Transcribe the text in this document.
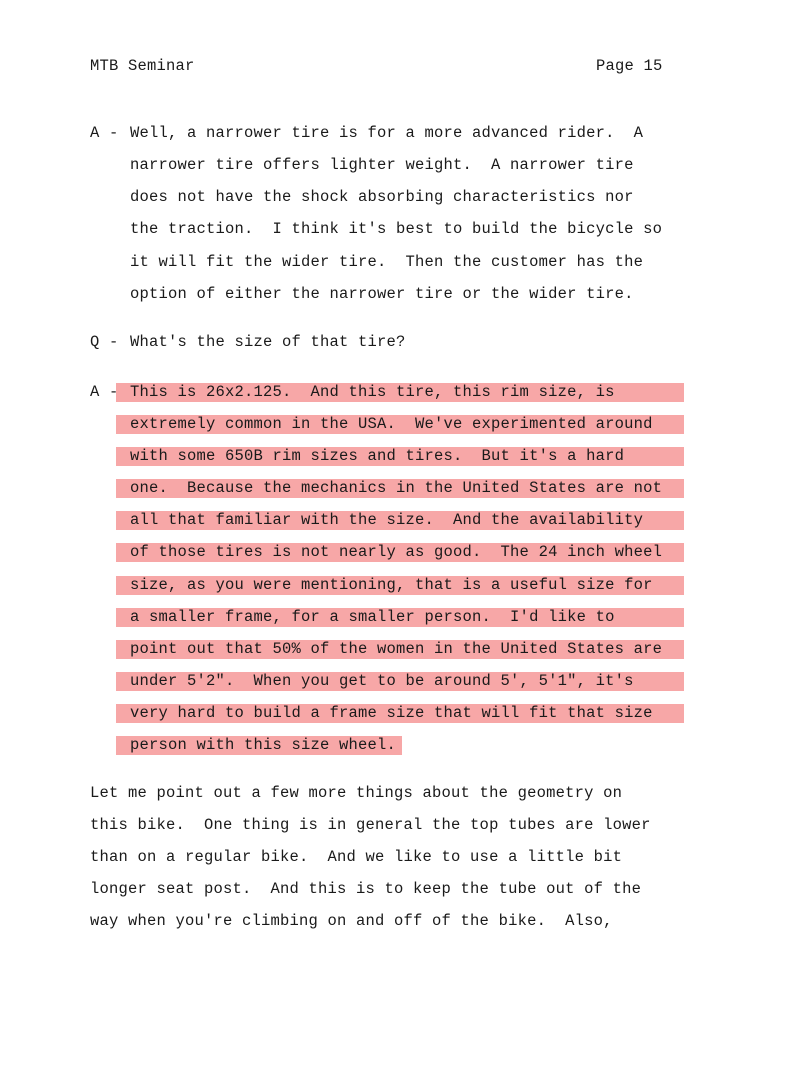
MTB Seminar	Page 15
A - Well, a narrower tire is for a more advanced rider.  A
narrower tire offers lighter weight.  A narrower tire
does not have the shock absorbing characteristics nor
the traction.  I think it's best to build the bicycle so
it will fit the wider tire.  Then the customer has the
option of either the narrower tire or the wider tire.
Q - What's the size of that tire?
A - This is 26x2.125.  And this tire, this rim size, is
extremely common in the USA.  We've experimented around
with some 650B rim sizes and tires.  But it's a hard
one.  Because the mechanics in the United States are not
all that familiar with the size.  And the availability
of those tires is not nearly as good.  The 24 inch wheel
size, as you were mentioning, that is a useful size for
a smaller frame, for a smaller person.  I'd like to
point out that 50% of the women in the United States are
under 5'2".  When you get to be around 5', 5'1", it's
very hard to build a frame size that will fit that size
person with this size wheel.
Let me point out a few more things about the geometry on
this bike.  One thing is in general the top tubes are lower
than on a regular bike.  And we like to use a little bit
longer seat post.  And this is to keep the tube out of the
way when you're climbing on and off of the bike.  Also,
